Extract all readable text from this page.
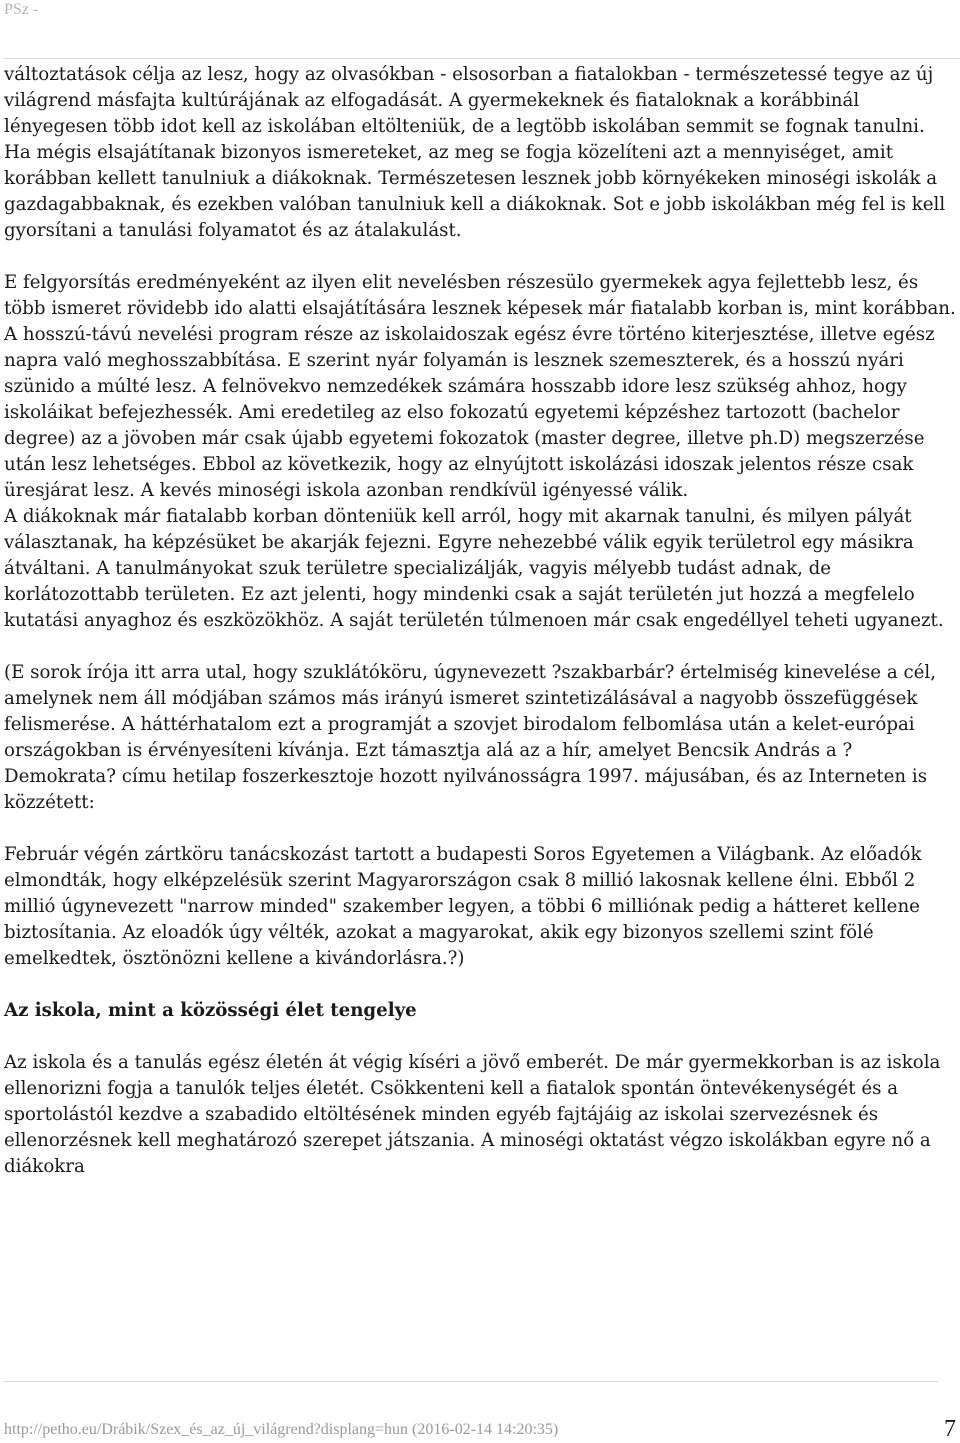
PSz -

változtatások célja az lesz, hogy az olvasókban - elsosorban a fiatalokban - természetessé tegye az új világrend másfajta kultúrájának az elfogadását. A gyermekeknek és fiataloknak a korábbinál lényegesen több idot kell az iskolában eltölteniük, de a legtöbb iskolában semmit se fognak tanulni. Ha mégis elsajátítanak bizonyos ismereteket, az meg se fogja közelíteni azt a mennyiséget, amit korábban kellett tanulniuk a diákoknak. Természetesen lesznek jobb környékeken minoségi iskolák a gazdagabbaknak, és ezekben valóban tanulniuk kell a diákoknak. Sot e jobb iskolákban még fel is kell gyorsítani a tanulási folyamatot és az átalakulást.

E felgyorsítás eredményeként az ilyen elit nevelésben részesülo gyermekek agya fejlettebb lesz, és több ismeret rövidebb ido alatti elsajátítására lesznek képesek már fiatalabb korban is, mint korábban. A hosszú-távú nevelési program része az iskolaidoszak egész évre történo kiterjesztése, illetve egész napra való meghosszabbítása. E szerint nyár folyamán is lesznek szemeszterek, és a hosszú nyári szünido a múlté lesz. A felnövekvo nemzedékek számára hosszabb idore lesz szükség ahhoz, hogy iskoláikat befejezhessék. Ami eredetileg az elso fokozatú egyetemi képzéshez tartozott (bachelor degree) az a jövoben már csak újabb egyetemi fokozatok (master degree, illetve ph.D) megszerzése után lesz lehetséges. Ebbol az következik, hogy az elnyújtott iskolázási idoszak jelentos része csak üresjárat lesz. A kevés minoségi iskola azonban rendkívül igényessé válik.

A diákoknak már fiatalabb korban dönteniük kell arról, hogy mit akarnak tanulni, és milyen pályát választanak, ha képzésüket be akarják fejezni. Egyre nehezebbé válik egyik területrol egy másikra átváltani. A tanulmányokat szuk területre specializálják, vagyis mélyebb tudást adnak, de korlátozottabb területen. Ez azt jelenti, hogy mindenki csak a saját területén jut hozzá a megfelelo kutatási anyaghoz és eszközökhöz. A saját területén túlmenoen már csak engedéllyel teheti ugyanezt.

(E sorok írója itt arra utal, hogy szuklátóköru, úgynevezett ?szakbarbár? értelmiség kinevelése a cél, amelynek nem áll módjában számos más irányú ismeret szintetizálásával a nagyobb összefüggések felismerése. A háttérhatalom ezt a programját a szovjet birodalom felbomlása után a kelet-európai országokban is érvényesíteni kívánja. Ezt támasztja alá az a hír, amelyet Bencsik András a ?Demokrata? címu hetilap foszerkesztoje hozott nyilvánosságra 1997. májusában, és az Interneten is közzétett:

Február végén zártköru tanácskozást tartott a budapesti Soros Egyetemen a Világbank. Az előadók elmondták, hogy elképzelésük szerint Magyarországon csak 8 millió lakosnak kellene élni. Ebből 2 millió úgynevezett "narrow minded" szakember legyen, a többi 6 milliónak pedig a hátteret kellene biztosítania. Az eloadók úgy vélték, azokat a magyarokat, akik egy bizonyos szellemi szint fölé emelkedtek, ösztönözni kellene a kivándorlásra.?)

Az iskola, mint a közösségi élet tengelye

Az iskola és a tanulás egész életén át végig kíséri a jövő emberét. De már gyermekkorban is az iskola ellenorizni fogja a tanulók teljes életét. Csökkenteni kell a fiatalok spontán öntevékenységét és a sportolástól kezdve a szabadido eltöltésének minden egyéb fajtájáig az iskolai szervezésnek és ellenorzésnek kell meghatározó szerepet játszania. A minoségi oktatást végzo iskolákban egyre nő a diákokra

http://petho.eu/Drábik/Szex_és_az_új_világrend?displang=hun (2016-02-14 14:20:35)	7
